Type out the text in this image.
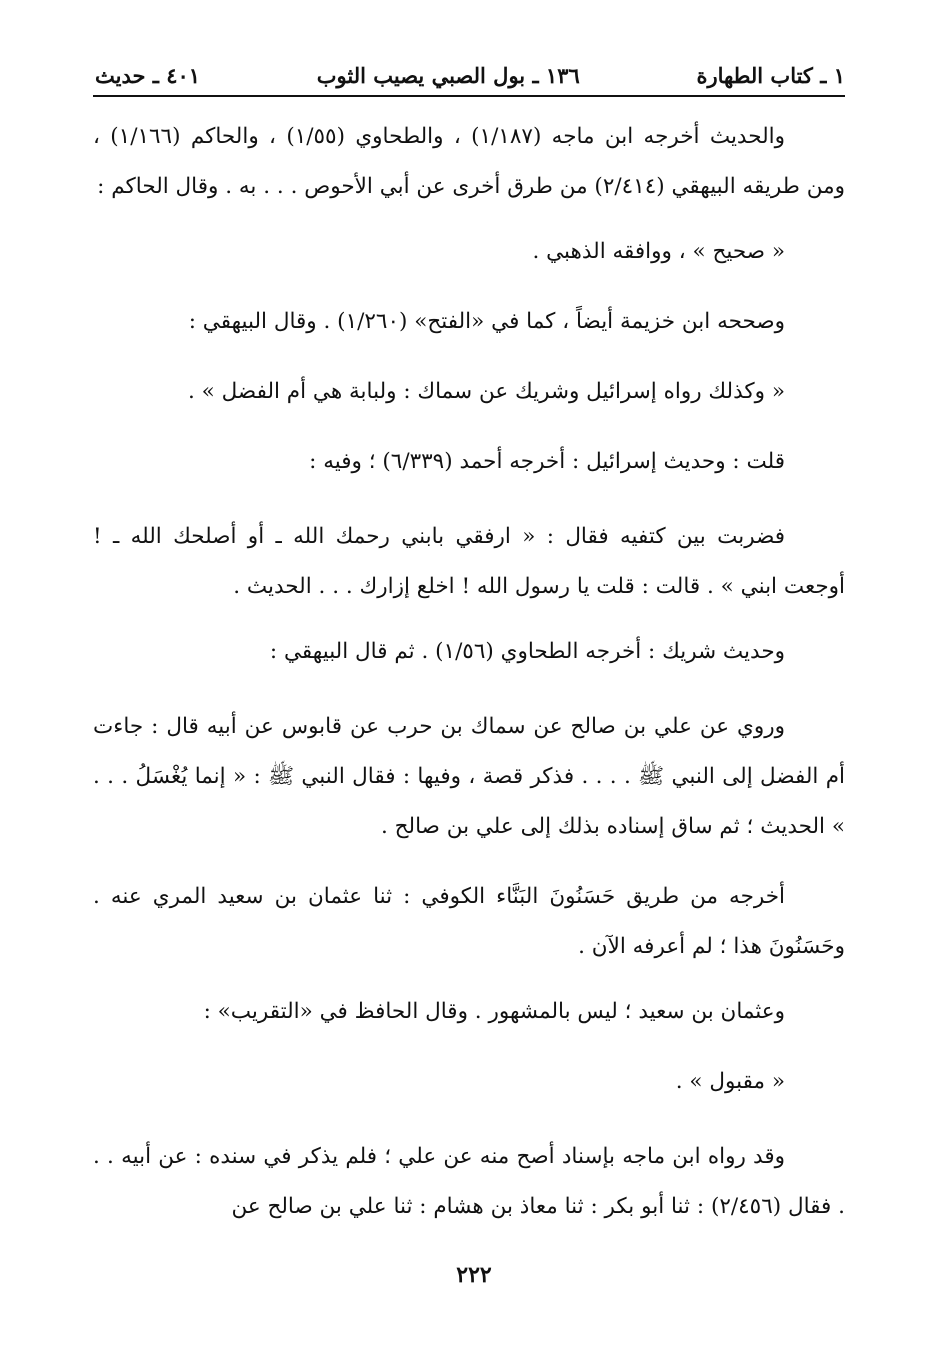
١ ـ كتاب الطهارة
١٣٦ ـ بول الصبي يصيب الثوب
٤٠١ ـ حديث

والحديث أخرجه ابن ماجه (١/١٨٧) ، والطحاوي (١/٥٥) ، والحاكم (١/١٦٦) ، ومن طريقه البيهقي (٢/٤١٤) من طرق أخرى عن أبي الأحوص . . . به . وقال الحاكم :

« صحيح » ، ووافقه الذهبي .

وصححه ابن خزيمة أيضاً ، كما في «الفتح» (١/٢٦٠) . وقال البيهقي :

« وكذلك رواه إسرائيل وشريك عن سماك : ولبابة هي أم الفضل » .

قلت : وحديث إسرائيل : أخرجه أحمد (٦/٣٣٩) ؛ وفيه :

فضربت بين كتفيه فقال : « ارفقي بابني رحمك الله ـ أو أصلحك الله ـ ! أوجعت ابني » . قالت : قلت يا رسول الله ! اخلع إزارك . . . الحديث .

وحديث شريك : أخرجه الطحاوي (١/٥٦) . ثم قال البيهقي :

وروي عن علي بن صالح عن سماك بن حرب عن قابوس عن أبيه قال : جاءت أم الفضل إلى النبي ﷺ . . . . فذكر قصة ، وفيها : فقال النبي ﷺ : « إنما يُغْسَلُ . . . » الحديث ؛ ثم ساق إسناده بذلك إلى علي بن صالح .

أخرجه من طريق حَسَنُونَ البَنَّاء الكوفي : ثنا عثمان بن سعيد المري عنه . وحَسَنُونَ هذا ؛ لم أعرفه الآن .

وعثمان بن سعيد ؛ ليس بالمشهور . وقال الحافظ في «التقريب» :

« مقبول » .

وقد رواه ابن ماجه بإسناد أصح منه عن علي ؛ فلم يذكر في سنده : عن أبيه . . . فقال (٢/٤٥٦) : ثنا أبو بكر : ثنا معاذ بن هشام : ثنا علي بن صالح عن

٢٢٢
